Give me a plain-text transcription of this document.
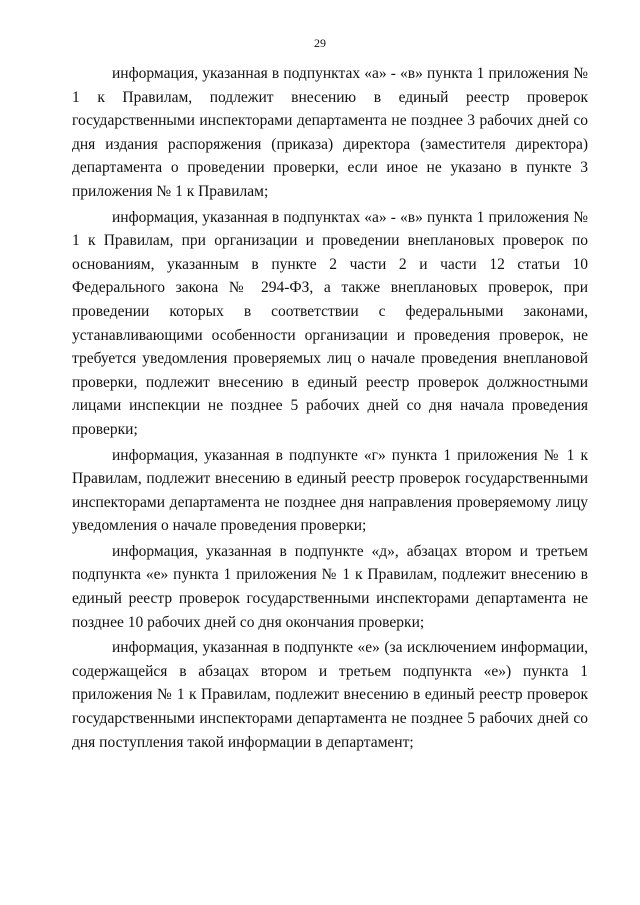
29

информация, указанная в подпунктах «а» - «в» пункта 1 приложения № 1 к Правилам, подлежит внесению в единый реестр проверок государственными инспекторами департамента не позднее 3 рабочих дней со дня издания распоряжения (приказа) директора (заместителя директора) департамента о проведении проверки, если иное не указано в пункте 3 приложения № 1 к Правилам;

информация, указанная в подпунктах «а» - «в» пункта 1 приложения № 1 к Правилам, при организации и проведении внеплановых проверок по основаниям, указанным в пункте 2 части 2 и части 12 статьи 10 Федерального закона № 294-ФЗ, а также внеплановых проверок, при проведении которых в соответствии с федеральными законами, устанавливающими особенности организации и проведения проверок, не требуется уведомления проверяемых лиц о начале проведения внеплановой проверки, подлежит внесению в единый реестр проверок должностными лицами инспекции не позднее 5 рабочих дней со дня начала проведения проверки;

информация, указанная в подпункте «г» пункта 1 приложения № 1 к Правилам, подлежит внесению в единый реестр проверок государственными инспекторами департамента не позднее дня направления проверяемому лицу уведомления о начале проведения проверки;

информация, указанная в подпункте «д», абзацах втором и третьем подпункта «е» пункта 1 приложения № 1 к Правилам, подлежит внесению в единый реестр проверок государственными инспекторами департамента не позднее 10 рабочих дней со дня окончания проверки;

информация, указанная в подпункте «е» (за исключением информации, содержащейся в абзацах втором и третьем подпункта «е») пункта 1 приложения № 1 к Правилам, подлежит внесению в единый реестр проверок государственными инспекторами департамента не позднее 5 рабочих дней со дня поступления такой информации в департамент;
